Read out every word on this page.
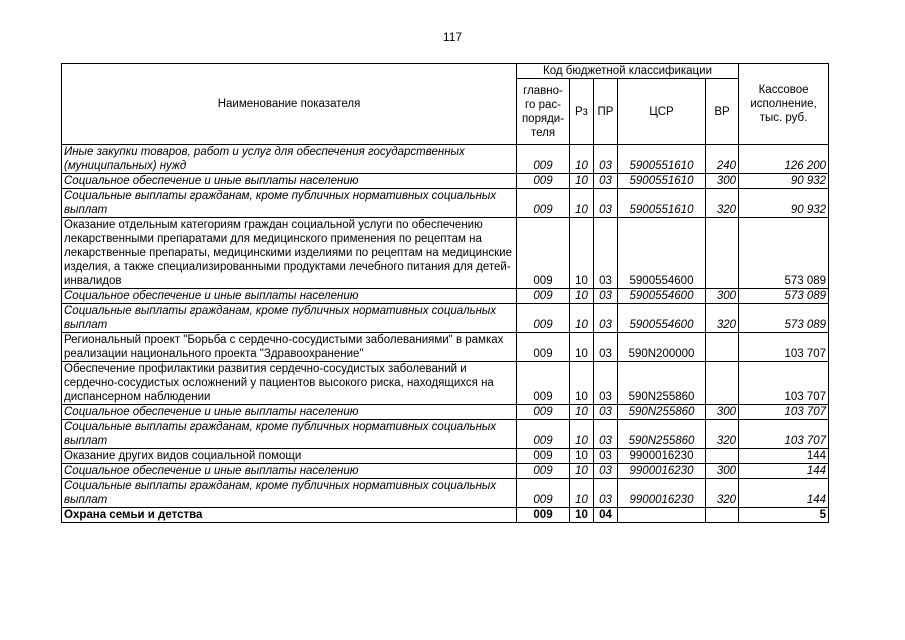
117
Наименование показателя	Код бюджетной классификации					Кассовое исполнение, тыс. руб.
	главно-го рас-поряди-теля	Рз	ПР	ЦСР	ВР	
Иные закупки товаров, работ и услуг для обеспечения государственных (муниципальных) нужд	009	10	03	5900551610	240	126 200
Социальное обеспечение и иные выплаты населению	009	10	03	5900551610	300	90 932
Социальные выплаты гражданам, кроме публичных нормативных социальных выплат	009	10	03	5900551610	320	90 932
Оказание отдельным категориям граждан социальной услуги по обеспечению лекарственными препаратами для медицинского применения по рецептам на лекарственные препараты, медицинскими изделиями по рецептам на медицинские изделия, а также специализированными продуктами лечебного питания для детей-инвалидов	009	10	03	5900554600		573 089
Социальное обеспечение и иные выплаты населению	009	10	03	5900554600	300	573 089
Социальные выплаты гражданам, кроме публичных нормативных социальных выплат	009	10	03	5900554600	320	573 089
Региональный проект "Борьба с сердечно-сосудистыми заболеваниями" в рамках реализации национального проекта "Здравоохранение"	009	10	03	590N200000		103 707
Обеспечение профилактики развития сердечно-сосудистых заболеваний и сердечно-сосудистых осложнений у пациентов высокого риска, находящихся на диспансерном наблюдении	009	10	03	590N255860		103 707
Социальное обеспечение и иные выплаты населению	009	10	03	590N255860	300	103 707
Социальные выплаты гражданам, кроме публичных нормативных социальных выплат	009	10	03	590N255860	320	103 707
Оказание других видов социальной помощи	009	10	03	9900016230		144
Социальное обеспечение и иные выплаты населению	009	10	03	9900016230	300	144
Социальные выплаты гражданам, кроме публичных нормативных социальных выплат	009	10	03	9900016230	320	144
Охрана семьи и детства	009	10	04			5
